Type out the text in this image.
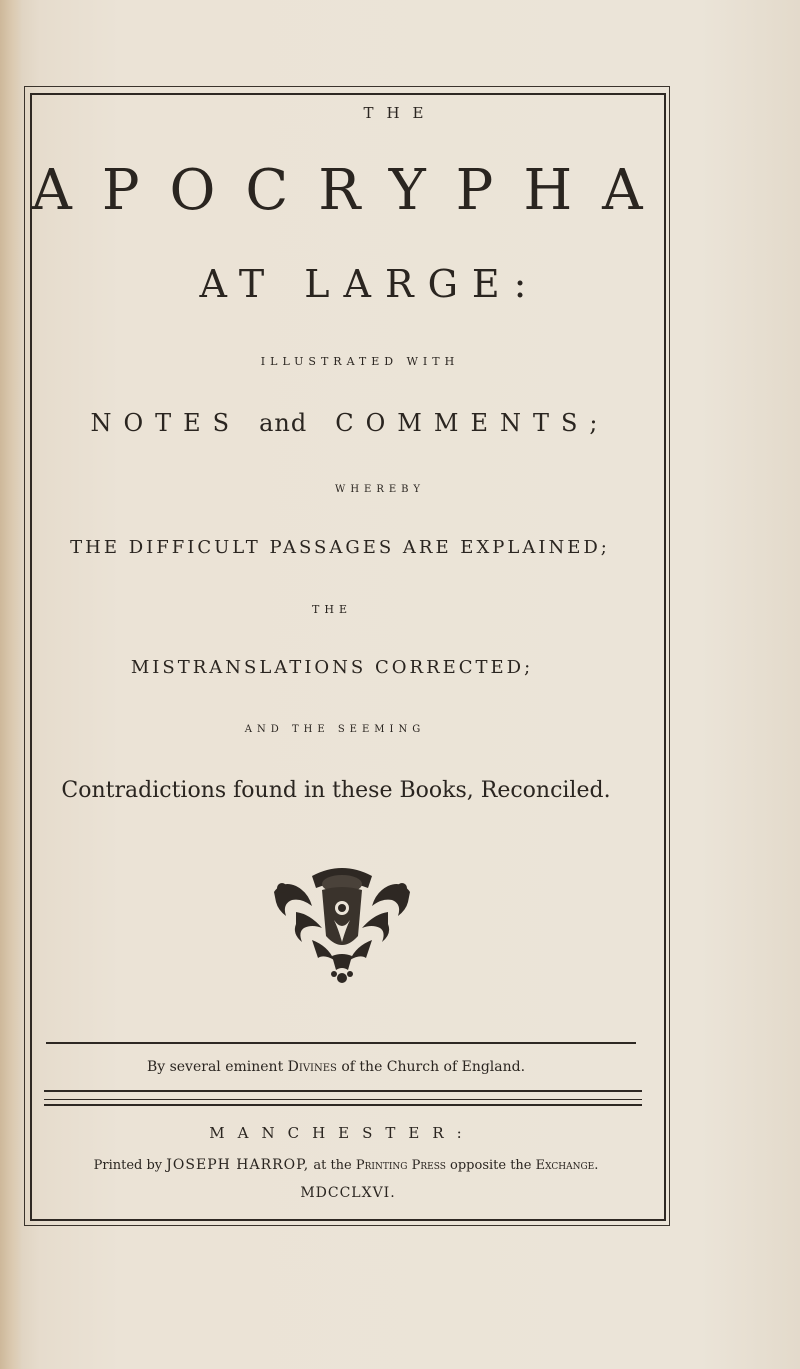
THE

APOCRYPHA
AT LARGE:

ILLUSTRATED WITH

NOTES and COMMENTS;

WHEREBY

THE DIFFICULT PASSAGES ARE EXPLAINED;

THE

MISTRANSLATIONS CORRECTED;

AND THE SEEMING

Contradictions found in these Books, Reconciled.

By several eminent Divines of the Church of England.

MANCHESTER:

Printed by JOSEPH HARROP, at the Printing Press opposite the Exchange.

MDCCLXVI.
